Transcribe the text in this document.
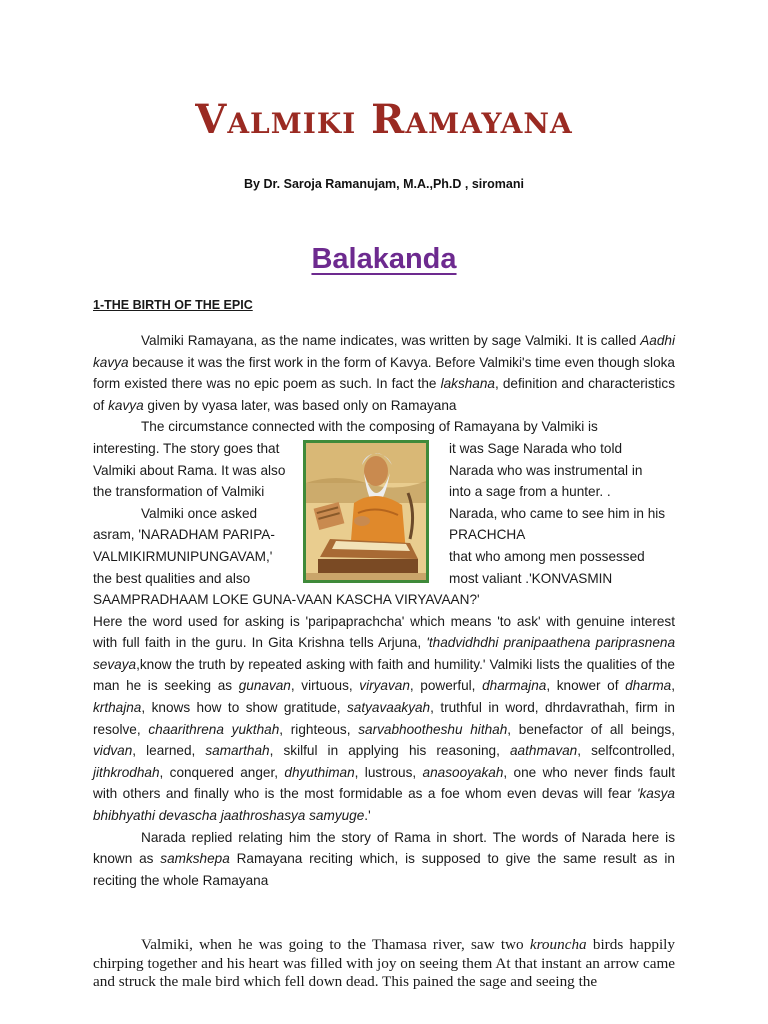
Valmiki Ramayana
By Dr. Saroja Ramanujam, M.A.,Ph.D , siromani
Balakanda
1-THE BIRTH OF THE EPIC

Valmiki Ramayana, as the name indicates, was written by sage Valmiki. It is called Aadhi kavya because it was the first work in the form of Kavya. Before Valmiki's time even though sloka form existed there was no epic poem as such. In fact the lakshana, definition and characteristics of kavya given by vyasa later, was based only on Ramayana

The circumstance connected with the composing of Ramayana by Valmiki is

interesting. The story goes that
Valmiki about Rama. It was also
the transformation of Valmiki
Valmiki once asked
asram, 'NARADHAM PARIPA-
VALMIKIRMUNIPUNGAVAM,'
the best qualities and also
it was Sage Narada who told
Narada who was instrumental in
into a sage from a hunter. .
Narada, who came to see him in his
PRACHCHA
that who among men possessed
most valiant .'KONVASMIN

SAAMPRADHAAM LOKE GUNA-VAAN KASCHA VIRYAVAAN?'

Here the word used for asking is 'paripaprachcha' which means 'to ask' with genuine interest with full faith in the guru. In Gita Krishna tells Arjuna, 'thadvidhdhi pranipaathena pariprasnena sevaya,know the truth by repeated asking with faith and humility.' Valmiki lists the qualities of the man he is seeking as gunavan, virtuous, viryavan, powerful, dharmajna, knower of dharma, krthajna, knows how to show gratitude, satyavaakyah, truthful in word, dhrdavrathah, firm in resolve, chaarithrena yukthah, righteous, sarvabhootheshu hithah, benefactor of all beings, vidvan, learned, samarthah, skilful in applying his reasoning, aathmavan, selfcontrolled, jithkrodhah, conquered anger, dhyuthiman, lustrous, anasooyakah, one who never finds fault with others and finally who is the most formidable as a foe whom even devas will fear 'kasya bhibhyathi devascha jaathroshasya samyuge.'

Narada replied relating him the story of Rama in short. The words of Narada here is known as samkshepa Ramayana reciting which, is supposed to give the same result as in reciting the whole Ramayana

Valmiki, when he was going to the Thamasa river, saw two krouncha birds happily chirping together and his heart was filled with joy on seeing them At that instant an arrow came and struck the male bird which fell down dead. This pained the sage and seeing the
